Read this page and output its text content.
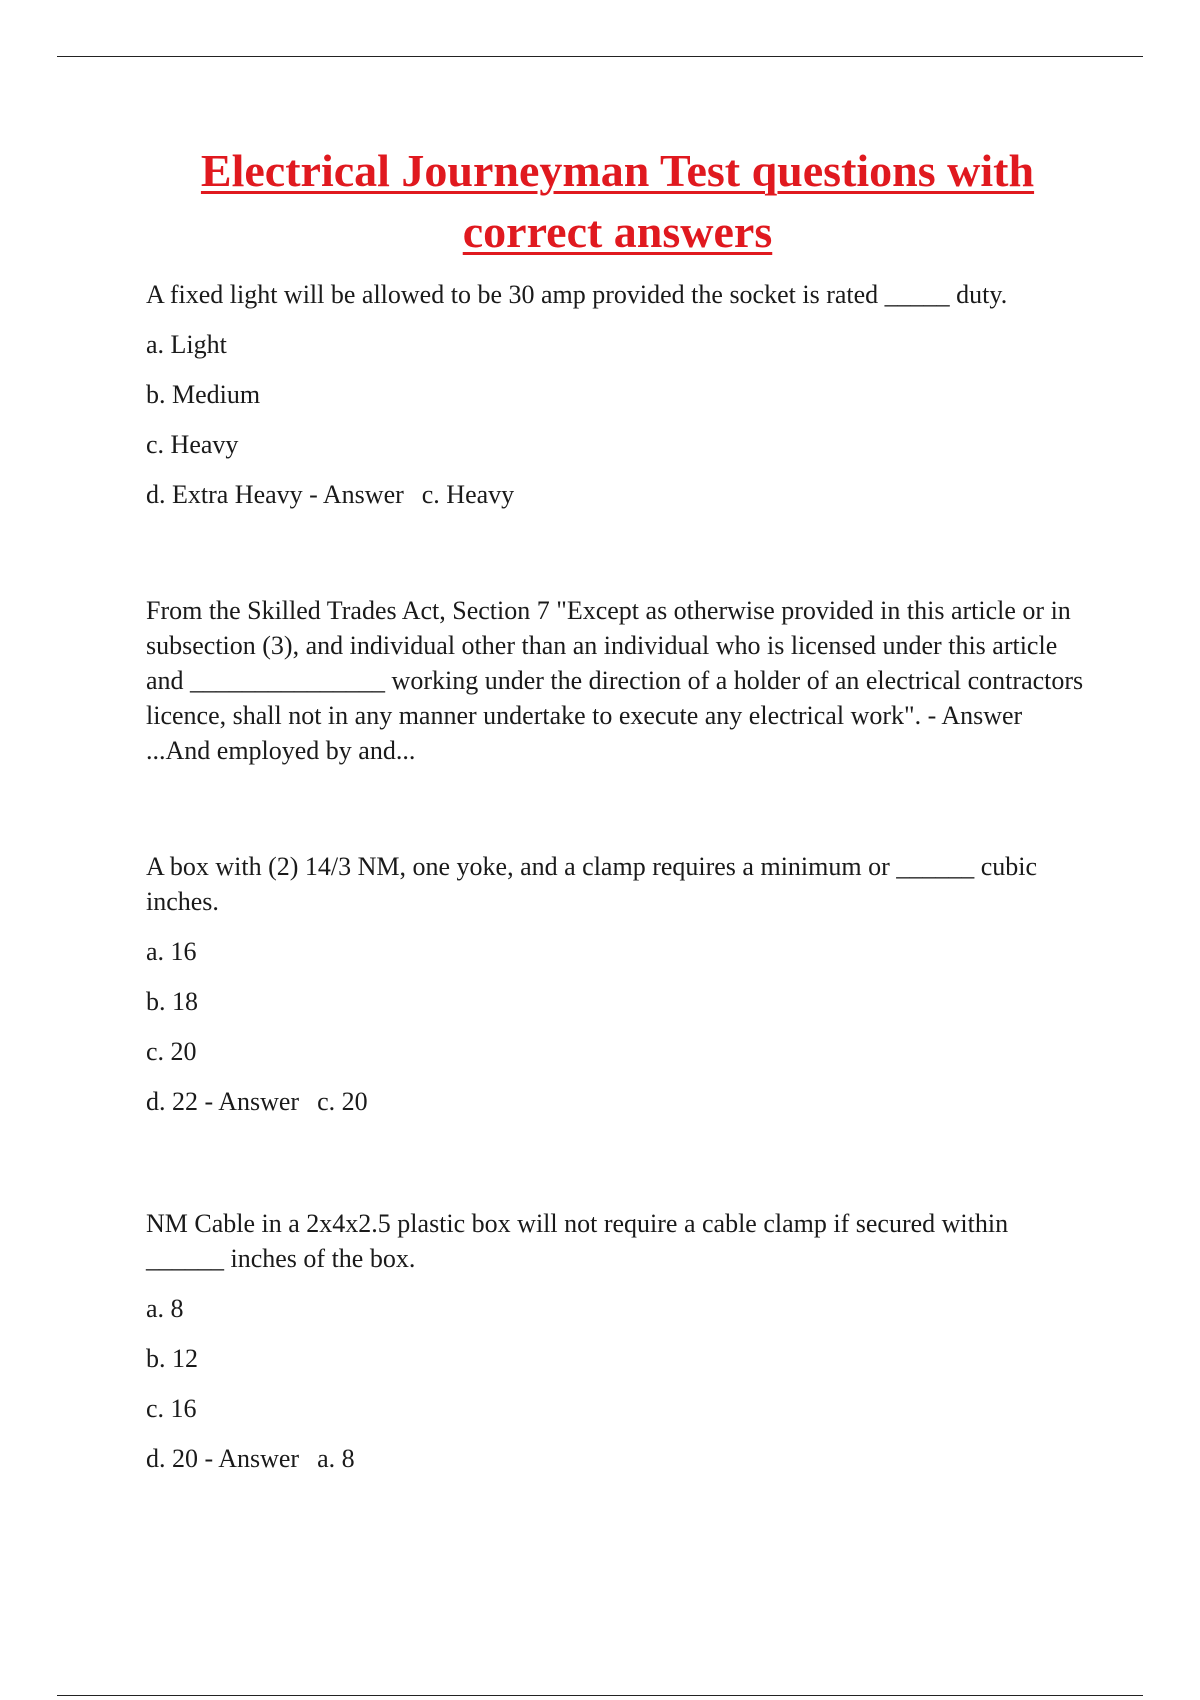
Electrical Journeyman Test questions with
correct answers

A fixed light will be allowed to be 30 amp provided the socket is rated _____ duty.

a. Light
b. Medium
c. Heavy
d. Extra Heavy - Answer c. Heavy

From the Skilled Trades Act, Section 7 "Except as otherwise provided in this article or in subsection (3), and individual other than an individual who is licensed under this article and _______________ working under the direction of a holder of an electrical contractors licence, shall not in any manner undertake to execute any electrical work". - Answer...And employed by and...

A box with (2) 14/3 NM, one yoke, and a clamp requires a minimum or ______ cubic inches.

a. 16
b. 18
c. 20
d. 22 - Answer c. 20

NM Cable in a 2x4x2.5 plastic box will not require a cable clamp if secured within ______ inches of the box.

a. 8
b. 12
c. 16
d. 20 - Answer a. 8
